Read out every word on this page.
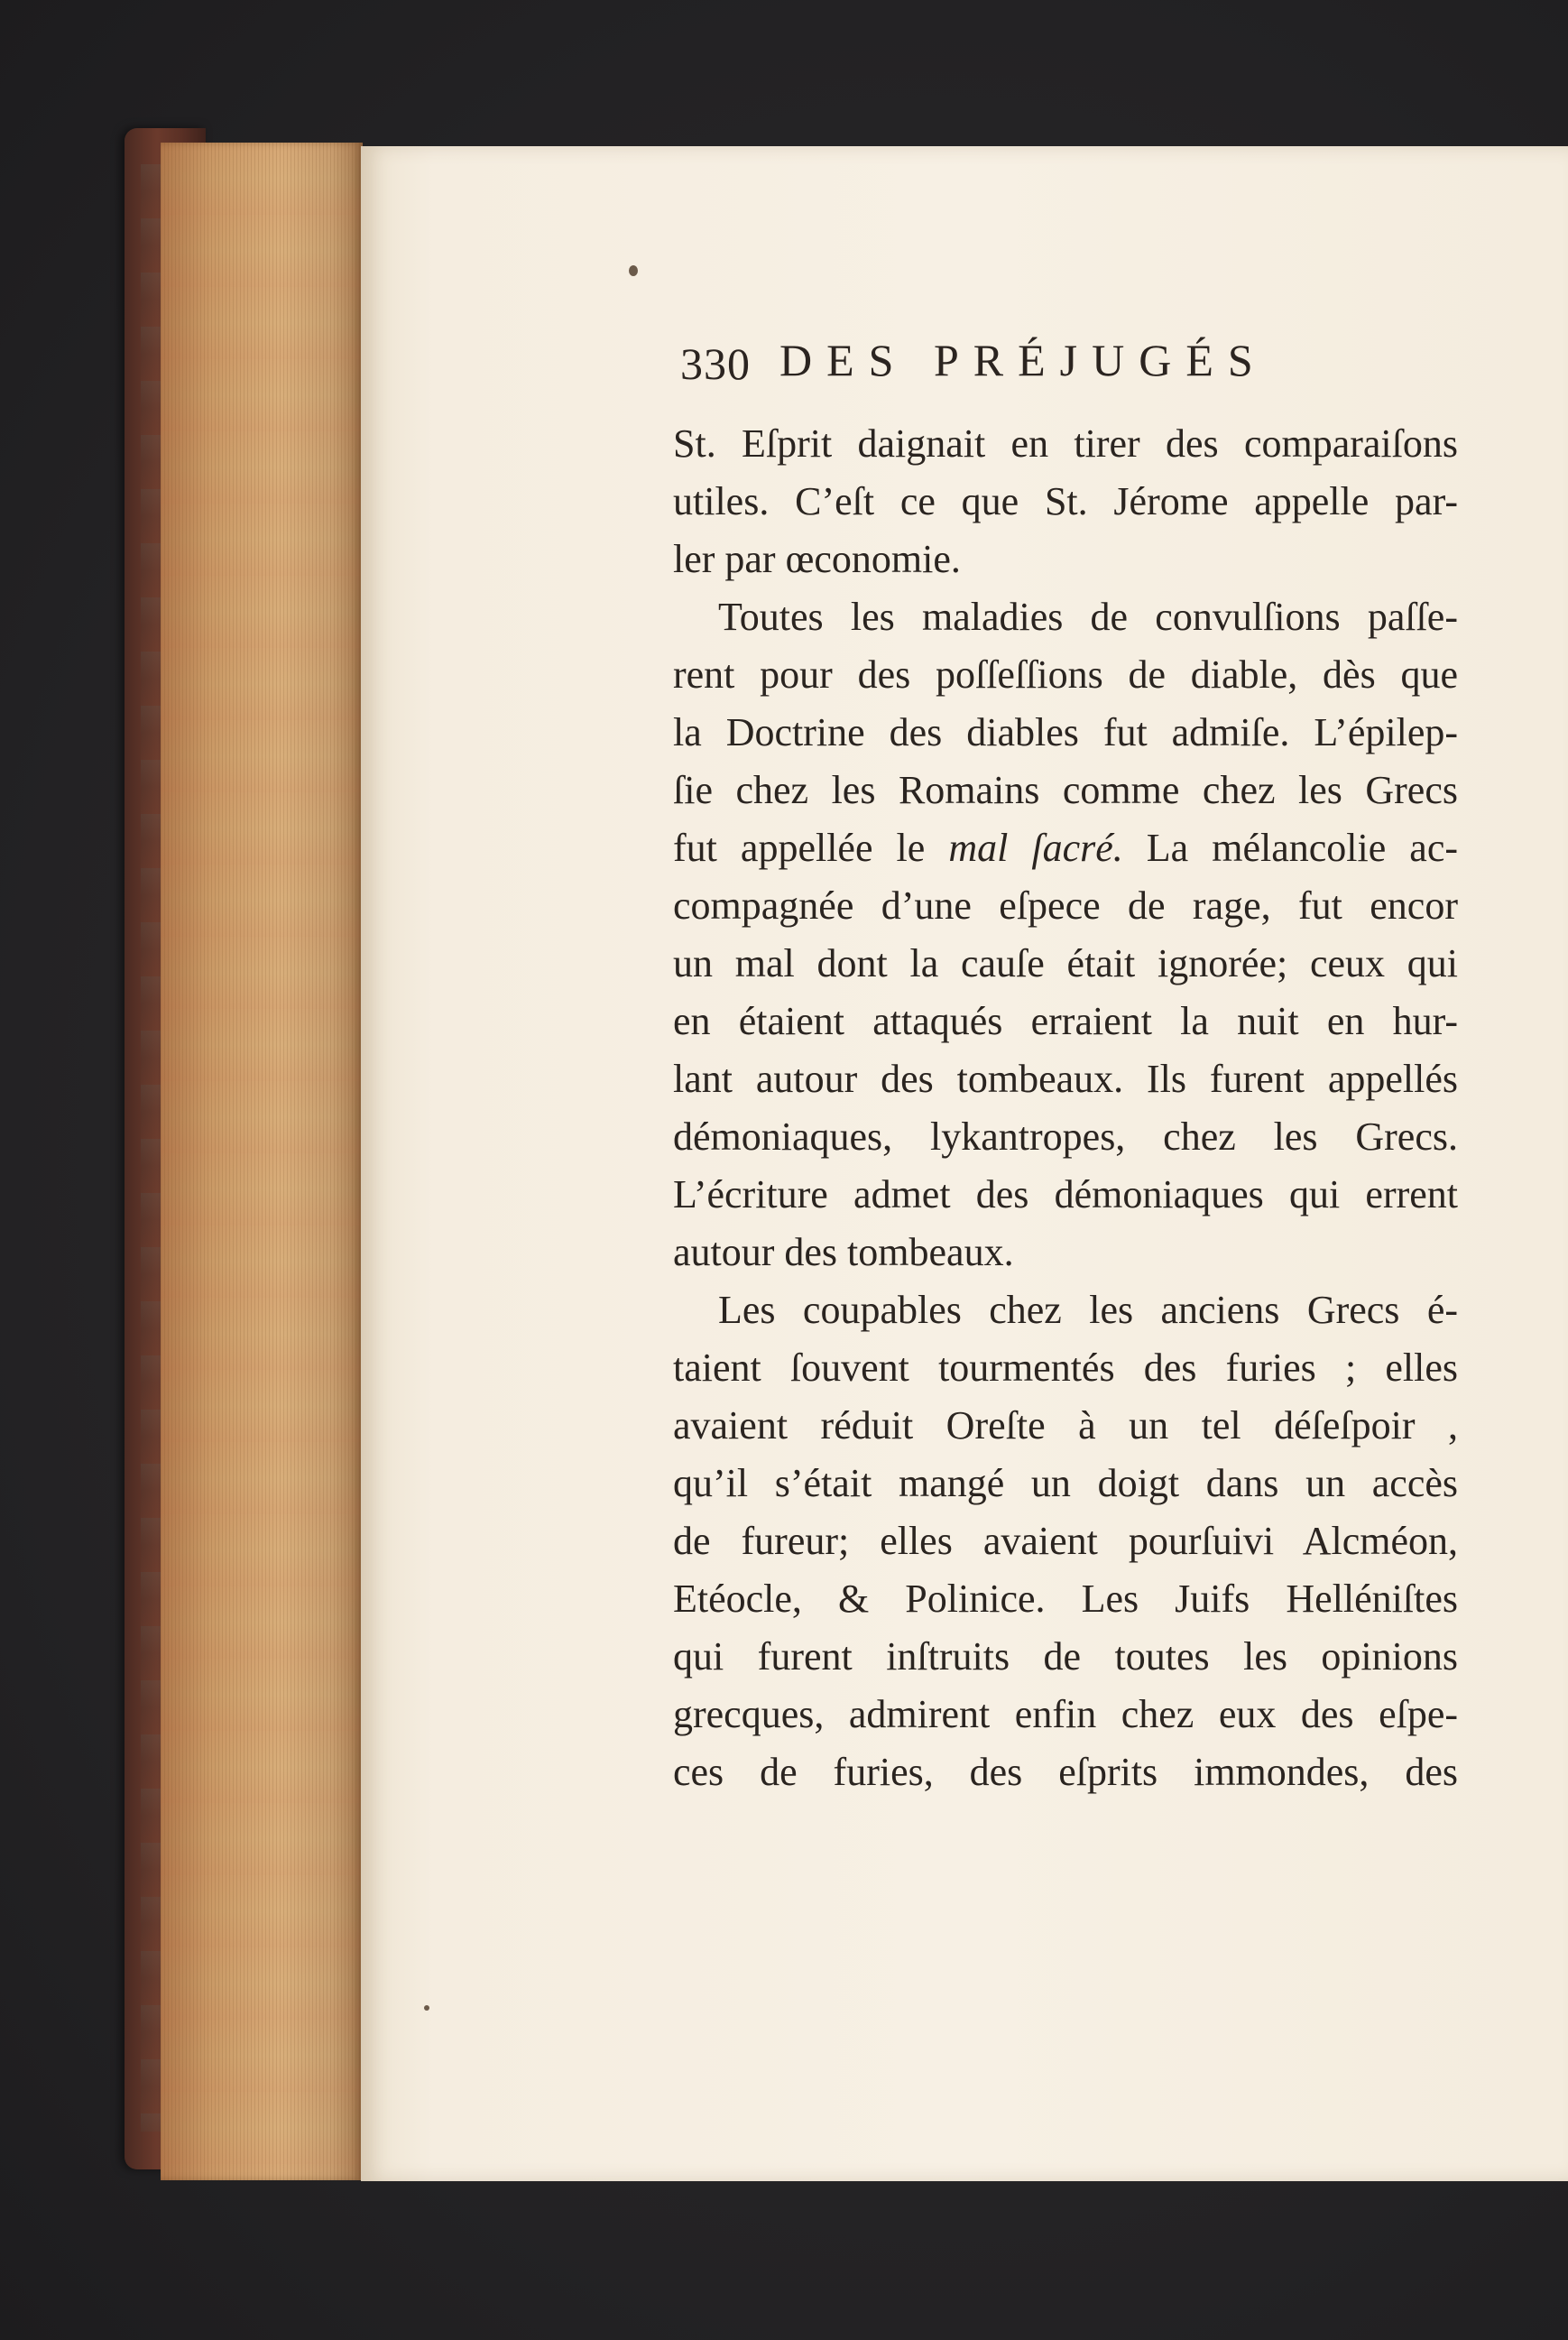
330 DES PRÉJUGÉS
St. Eſprit daignait en tirer des comparaiſons
utiles. C’eſt ce que St. Jérome appelle par-
ler par œconomie.
Toutes les maladies de convulſions paſſe-
rent pour des poſſeſſions de diable, dès que
la Doctrine des diables fut admiſe. L’épilep-
ſie chez les Romains comme chez les Grecs
fut appellée le mal ſacré. La mélancolie ac-
compagnée d’une eſpece de rage, fut encor
un mal dont la cauſe était ignorée; ceux qui
en étaient attaqués erraient la nuit en hur-
lant autour des tombeaux. Ils furent appellés
démoniaques, lykantropes, chez les Grecs.
L’écriture admet des démoniaques qui errent
autour des tombeaux.
Les coupables chez les anciens Grecs é-
taient ſouvent tourmentés des furies ; elles
avaient réduit Oreſte à un tel déſeſpoir ,
qu’il s’était mangé un doigt dans un accès
de fureur; elles avaient pourſuivi Alcméon,
Etéocle, & Polinice. Les Juifs Helléniſtes
qui furent inſtruits de toutes les opinions
grecques, admirent enfin chez eux des eſpe-
ces de furies, des eſprits immondes, des
